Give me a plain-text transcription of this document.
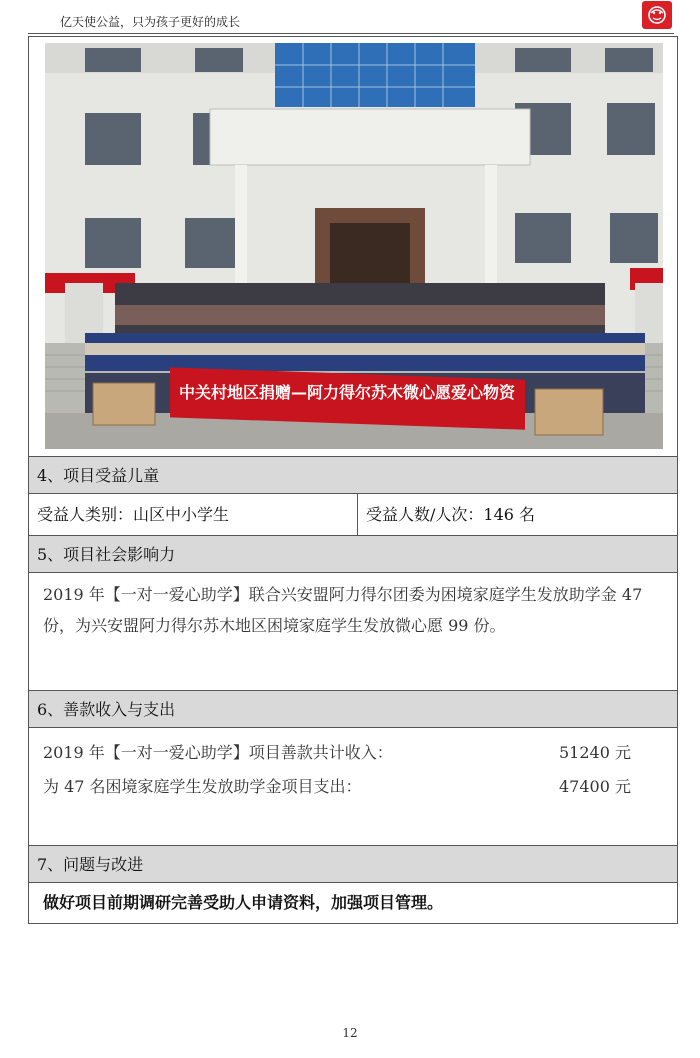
亿天使公益，只为孩子更好的成长
中关村地区捐赠—阿力得尔苏木微心愿爱心物资
4、项目受益儿童
受益人类别：山区中小学生	受益人数/人次：146 名
5、项目社会影响力
2019 年【一对一爱心助学】联合兴安盟阿力得尔团委为困境家庭学生发放助学金 47 份，为兴安盟阿力得尔苏木地区困境家庭学生发放微心愿 99 份。
6、善款收入与支出
2019 年【一对一爱心助学】项目善款共计收入：	51240 元
为 47 名困境家庭学生发放助学金项目支出：	47400 元
7、问题与改进
做好项目前期调研完善受助人申请资料，加强项目管理。
12
